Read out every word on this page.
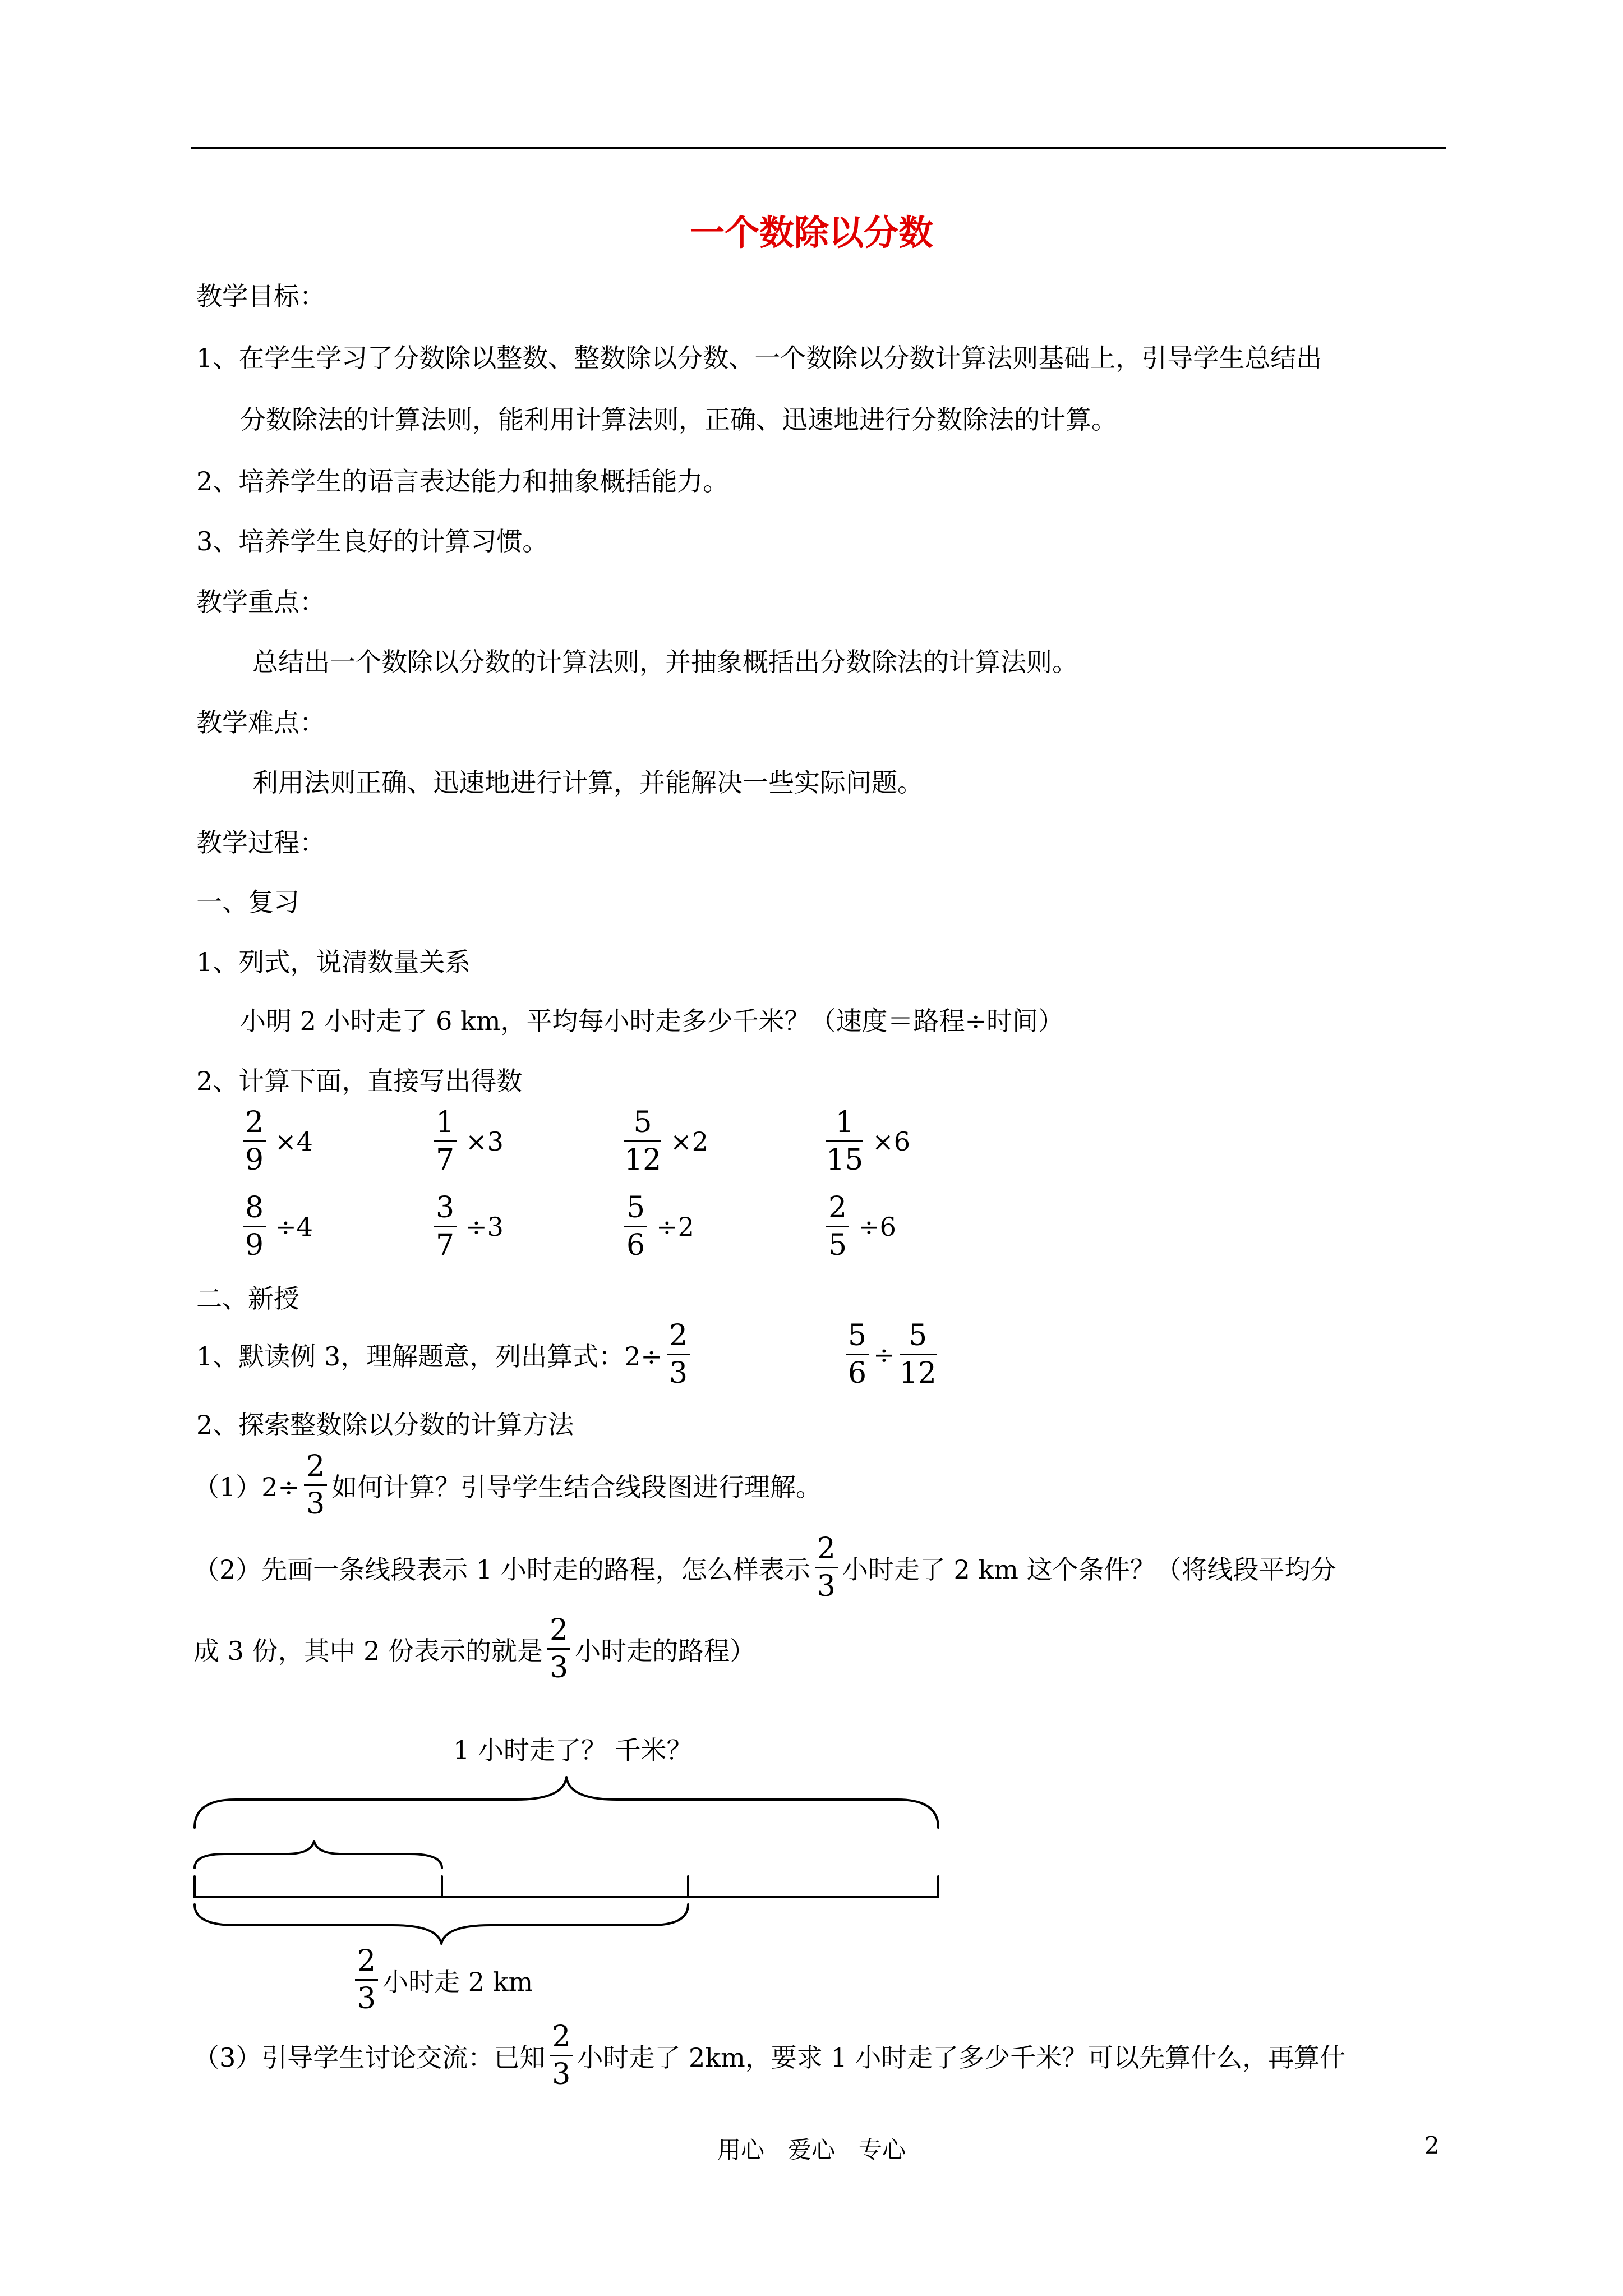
一个数除以分数
教学目标：
1、在学生学习了分数除以整数、整数除以分数、一个数除以分数计算法则基础上，引导学生总结出
分数除法的计算法则，能利用计算法则，正确、迅速地进行分数除法的计算。
2、培养学生的语言表达能力和抽象概括能力。
3、培养学生良好的计算习惯。
教学重点：
总结出一个数除以分数的计算法则，并抽象概括出分数除法的计算法则。
教学难点：
利用法则正确、迅速地进行计算，并能解决一些实际问题。
教学过程：
一、复习
1、列式，说清数量关系
小明 2 小时走了 6 km，平均每小时走多少千米？（速度＝路程÷时间）
2、计算下面，直接写出得数
$\frac{2}{9} \times 4$	$\frac{1}{7} \times 3$	$\frac{5}{12} \times 2$	$\frac{1}{15} \times 6$
$\frac{8}{9} \div 4$	$\frac{3}{7} \div 3$	$\frac{5}{6} \div 2$	$\frac{2}{5} \div 6$
二、新授
1、默读例 3，理解题意，列出算式：$2\div \frac{2}{3}$	$\frac{5}{6} \div \frac{5}{12}$
2、探索整数除以分数的计算方法
$(1)2\div \frac{2}{3}$ 如何计算？引导学生结合线段图进行理解。
（2）先画一条线段表示 1 小时走的路程，怎么样表示
2
3
小时走了 2 km 这个条件？（将线段平均分
成 3 份，其中 2 份表示的就是
2
3
小时走的路程）
1 小时走了？ 千米？
2
3
小时走 2 km
（3）引导学生讨论交流：已知
2
3
小时走了 2km，要求 1 小时走了多少千米？可以先算什么，再算什
用心　爱心　专心	2
